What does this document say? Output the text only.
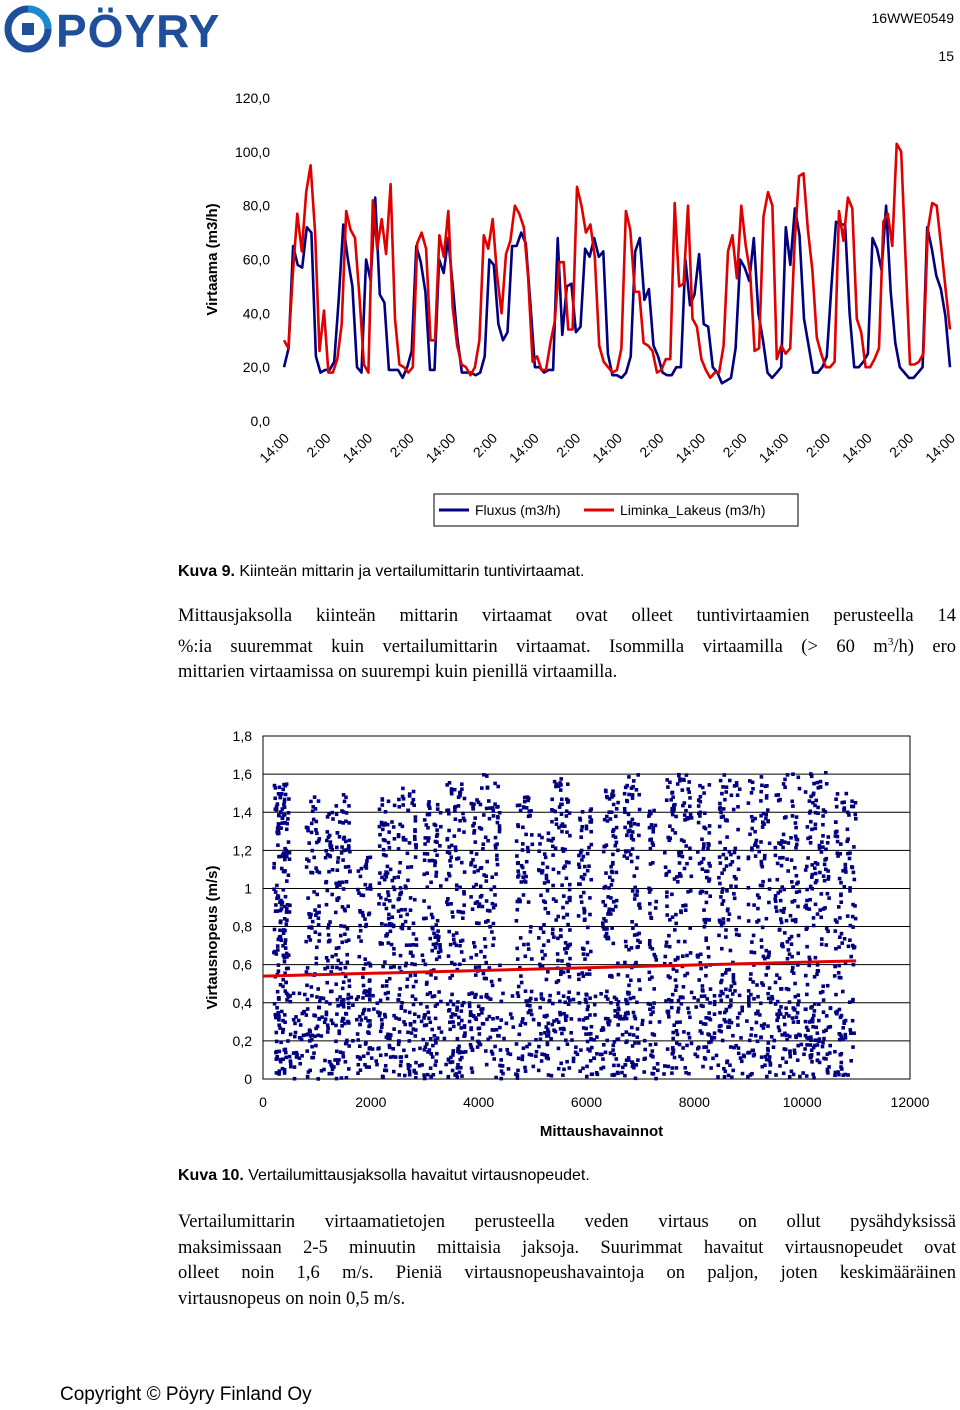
PÖYRY	16WWE0549
15
0,0
20,0
40,0
60,0
80,0
100,0
120,0
Virtaama (m3/h)
14:00 2:00 14:00 2:00 14:00 2:00 14:00 2:00 14:00 2:00 14:00 2:00 14:00 2:00 14:00 2:00 14:00
Fluxus (m3/h)	Liminka_Lakeus (m3/h)
Kuva 9. Kiinteän mittarin ja vertailumittarin tuntivirtaamat.
Mittausjaksolla kiinteän mittarin virtaamat ovat olleet tuntivirtaamien perusteella 14
%:ia suuremmat kuin vertailumittarin virtaamat. Isommilla virtaamilla (> 60 $m^3/h$) ero
mittarien virtaamissa on suurempi kuin pienillä virtaamilla.
0
0,2
0,4
0,6
0,8
1
1,2
1,4
1,6
1,8
0	2000	4000	6000	8000	10000	12000
Mittaushavainnot
Virtausnopeus (m/s)
Kuva 10. Vertailumittausjaksolla havaitut virtausnopeudet.
Vertailumittarin virtaamatietojen perusteella veden virtaus on ollut pysähdyksissä
maksimissaan 2-5 minuutin mittaisia jaksoja. Suurimmat havaitut virtausnopeudet ovat
olleet noin 1,6 m/s. Pieniä virtausnopeushavaintoja on paljon, joten keskimääräinen
virtausnopeus on noin 0,5 m/s.
Copyright © Pöyry Finland Oy
